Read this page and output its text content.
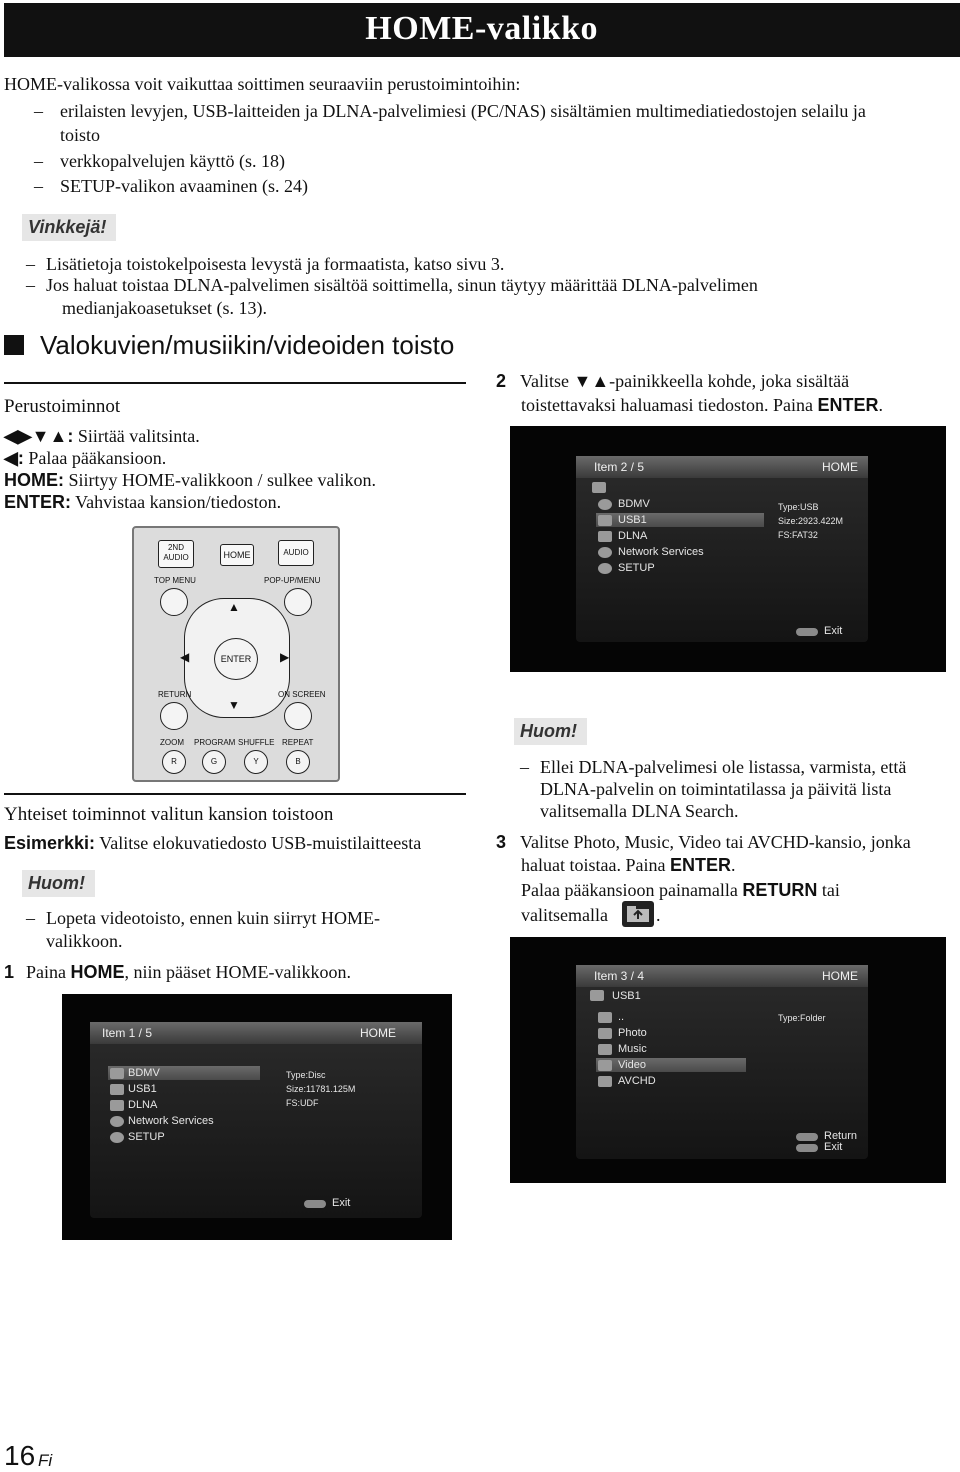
HOME-valikko
HOME-valikossa voit vaikuttaa soittimen seuraaviin perustoimintoihin:
– erilaisten levyjen, USB-laitteiden ja DLNA-palvelimiesi (PC/NAS) sisältämien multimediatiedostojen selailu ja
toisto
– verkkopalvelujen käyttö (s. 18)
– SETUP-valikon avaaminen (s. 24)
Vinkkejä!
– Lisätietoja toistokelpoisesta levystä ja formaatista, katso sivu 3.
– Jos haluat toistaa DLNA-palvelimen sisältöä soittimella, sinun täytyy määrittää DLNA-palvelimen
medianjakoasetukset (s. 13).
Valokuvien/musiikin/videoiden toisto
Perustoiminnot
◀▶▼▲: Siirtää valitsinta.
◀: Palaa pääkansioon.
HOME: Siirtyy HOME-valikkoon / sulkee valikon.
ENTER: Vahvistaa kansion/tiedoston.
2ND
AUDIO	HOME	AUDIO
TOP MENU	POP-UP/MENU
▲
▼
◀	▶
ENTER
RETURN	ON SCREEN
ZOOM PROGRAM SHUFFLE REPEAT
R	G	Y	B
Yhteiset toiminnot valitun kansion toistoon
Esimerkki: Valitse elokuvatiedosto USB-muistilaitteesta
Huom!
– Lopeta videotoisto, ennen kuin siirryt HOME-
valikkoon.
1 Paina HOME, niin pääset HOME-valikkoon.
Item 1 / 5	HOME
BDMV
USB1
DLNA
Network Services
SETUP
Type:Disc
Size:11781.125M
FS:UDF
Exit
2 Valitse ▼▲-painikkeella kohde, joka sisältää
toistettavaksi haluamasi tiedoston. Paina ENTER.
Item 2 / 5	HOME
BDMV
USB1
DLNA
Network Services
SETUP
Type:USB
Size:2923.422M
FS:FAT32
Exit
Huom!
– Ellei DLNA-palvelimesi ole listassa, varmista, että
DLNA-palvelin on toimintatilassa ja päivitä lista
valitsemalla DLNA Search.
3 Valitse Photo, Music, Video tai AVCHD-kansio, jonka
haluat toistaa. Paina ENTER.
Palaa pääkansioon painamalla RETURN tai
valitsemalla	.
Item 3 / 4	HOME
USB1
..
Photo
Music
Video
AVCHD
Type:Folder
Return
Exit
16 Fi
